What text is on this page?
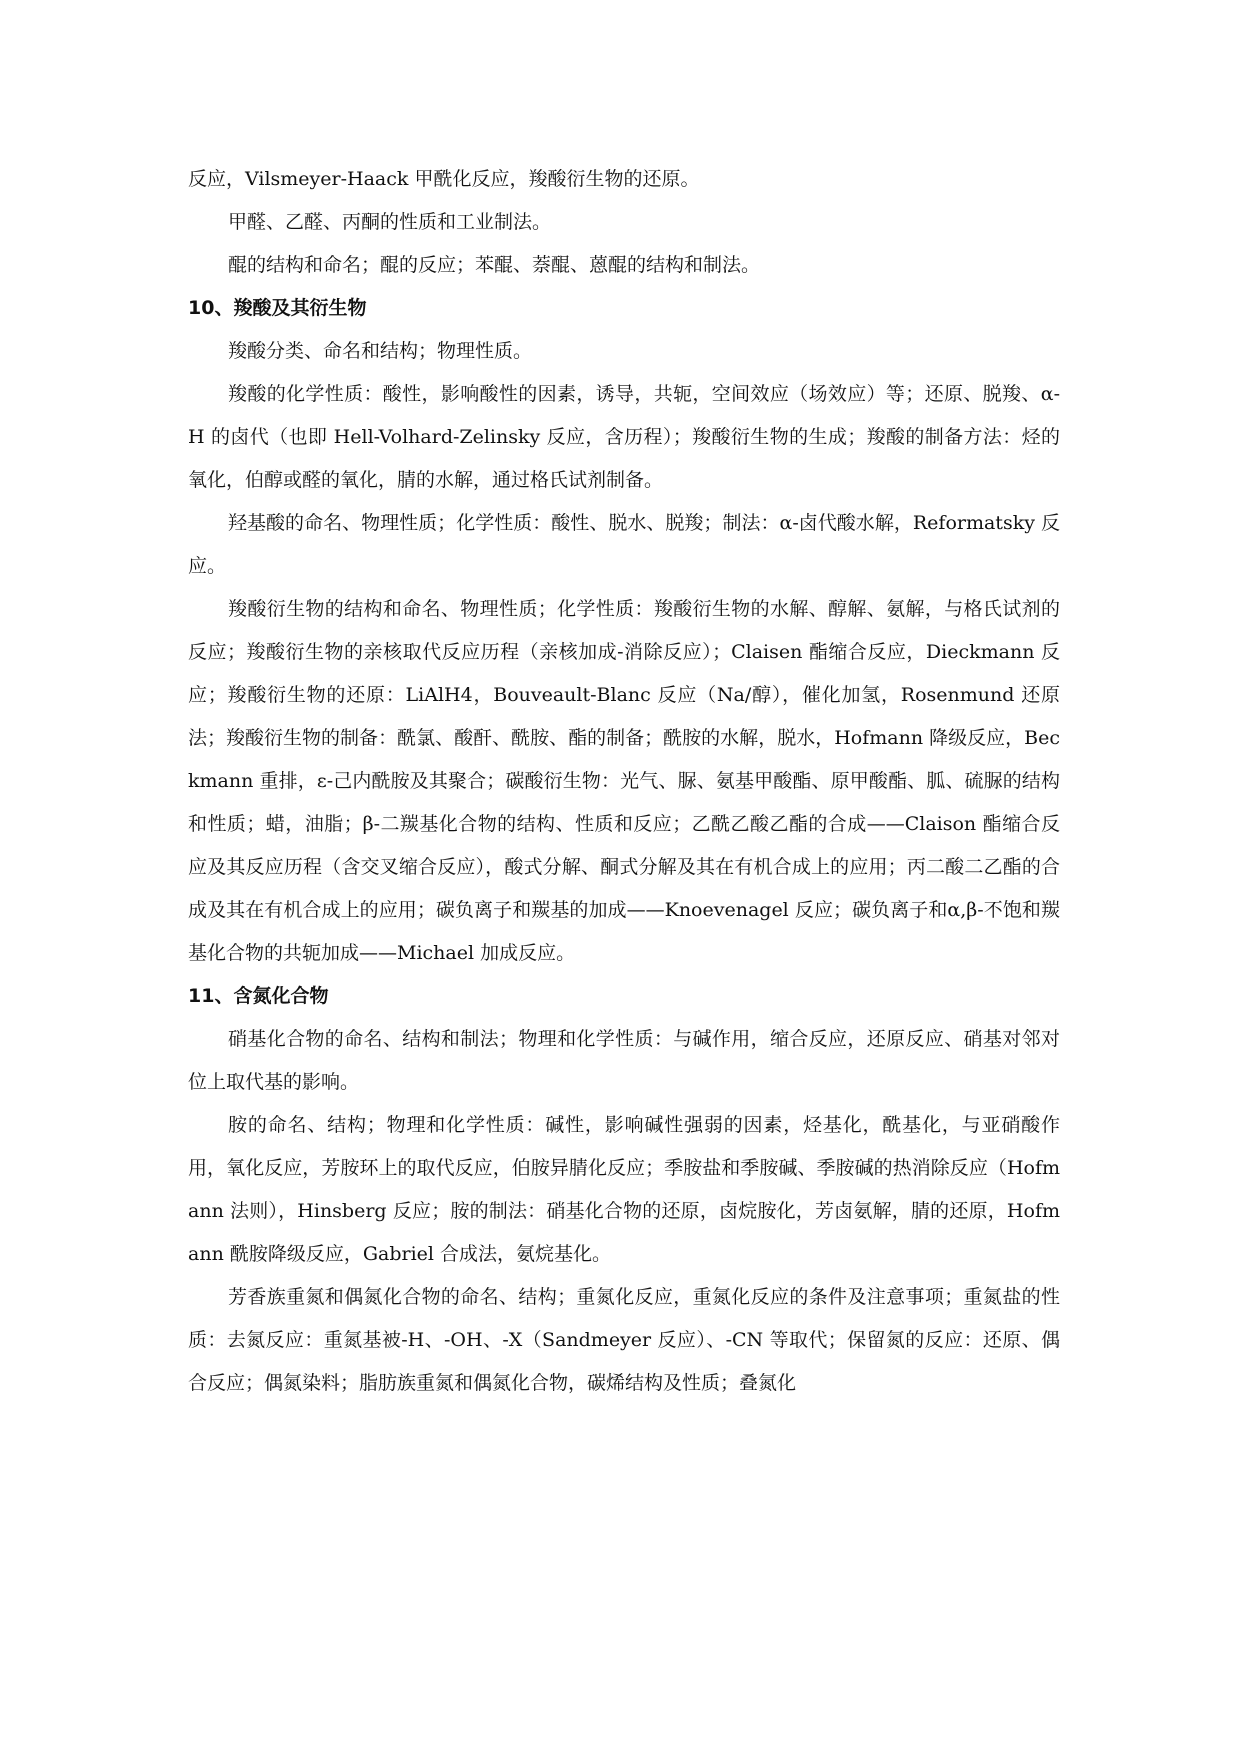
反应，Vilsmeyer-Haack 甲酰化反应，羧酸衍生物的还原。

甲醛、乙醛、丙酮的性质和工业制法。

醌的结构和命名；醌的反应；苯醌、萘醌、蒽醌的结构和制法。

10、羧酸及其衍生物

羧酸分类、命名和结构；物理性质。

羧酸的化学性质：酸性，影响酸性的因素，诱导，共轭，空间效应（场效应）等；还原、脱羧、α-H 的卤代（也即 Hell-Volhard-Zelinsky 反应，含历程）；羧酸衍生物的生成；羧酸的制备方法：烃的氧化，伯醇或醛的氧化，腈的水解，通过格氏试剂制备。

羟基酸的命名、物理性质；化学性质：酸性、脱水、脱羧；制法：α-卤代酸水解，Reformatsky 反应。

羧酸衍生物的结构和命名、物理性质；化学性质：羧酸衍生物的水解、醇解、氨解，与格氏试剂的反应；羧酸衍生物的亲核取代反应历程（亲核加成-消除反应）；Claisen 酯缩合反应，Dieckmann 反应；羧酸衍生物的还原：LiAlH4，Bouveault-Blanc 反应（Na/醇），催化加氢，Rosenmund 还原法；羧酸衍生物的制备：酰氯、酸酐、酰胺、酯的制备；酰胺的水解，脱水，Hofmann 降级反应，Beckmann 重排，ε-己内酰胺及其聚合；碳酸衍生物：光气、脲、氨基甲酸酯、原甲酸酯、胍、硫脲的结构和性质；蜡，油脂；β-二羰基化合物的结构、性质和反应；乙酰乙酸乙酯的合成——Claison 酯缩合反应及其反应历程（含交叉缩合反应），酸式分解、酮式分解及其在有机合成上的应用；丙二酸二乙酯的合成及其在有机合成上的应用；碳负离子和羰基的加成——Knoevenagel 反应；碳负离子和α,β-不饱和羰基化合物的共轭加成——Michael 加成反应。

11、含氮化合物

硝基化合物的命名、结构和制法；物理和化学性质：与碱作用，缩合反应，还原反应、硝基对邻对位上取代基的影响。

胺的命名、结构；物理和化学性质：碱性，影响碱性强弱的因素，烃基化，酰基化，与亚硝酸作用，氧化反应，芳胺环上的取代反应，伯胺异腈化反应；季胺盐和季胺碱、季胺碱的热消除反应（Hofmann 法则），Hinsberg 反应；胺的制法：硝基化合物的还原，卤烷胺化，芳卤氨解，腈的还原，Hofmann 酰胺降级反应，Gabriel 合成法，氨烷基化。

芳香族重氮和偶氮化合物的命名、结构；重氮化反应，重氮化反应的条件及注意事项；重氮盐的性质：去氮反应：重氮基被-H、-OH、-X（Sandmeyer 反应）、-CN 等取代；保留氮的反应：还原、偶合反应；偶氮染料；脂肪族重氮和偶氮化合物，碳烯结构及性质；叠氮化
